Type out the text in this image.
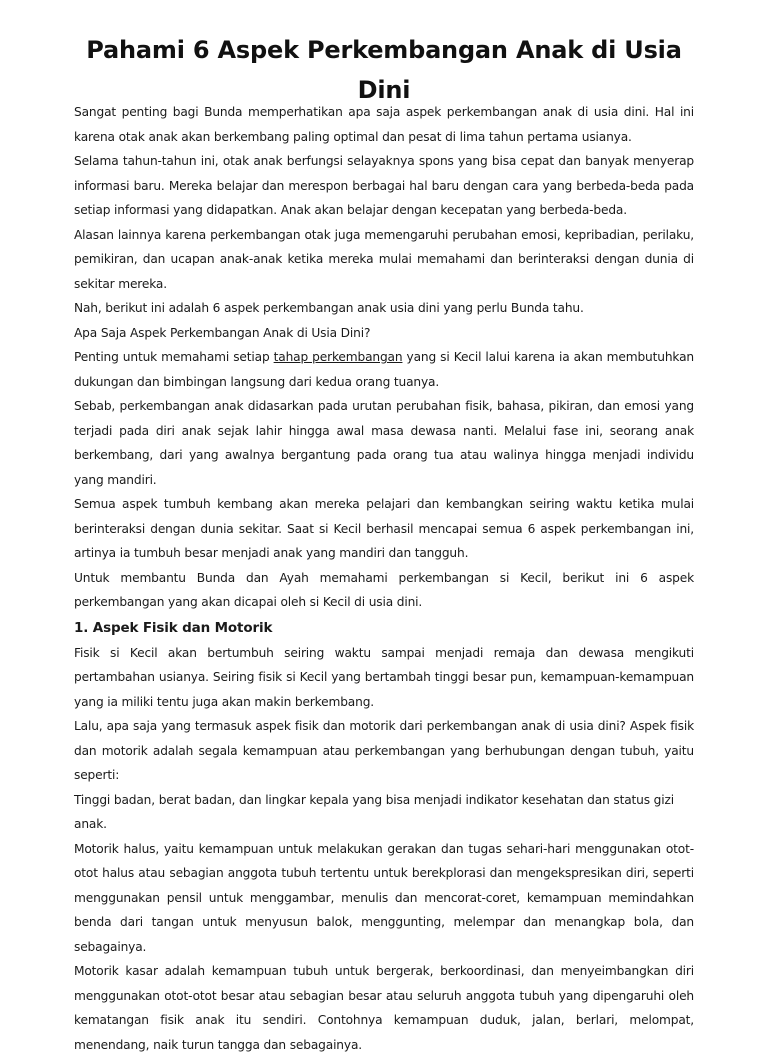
Pahami 6 Aspek Perkembangan Anak di Usia Dini

Sangat penting bagi Bunda memperhatikan apa saja aspek perkembangan anak di usia dini. Hal ini karena otak anak akan berkembang paling optimal dan pesat di lima tahun pertama usianya.

Selama tahun-tahun ini, otak anak berfungsi selayaknya spons yang bisa cepat dan banyak menyerap informasi baru. Mereka belajar dan merespon berbagai hal baru dengan cara yang berbeda-beda pada setiap informasi yang didapatkan. Anak akan belajar dengan kecepatan yang berbeda-beda.

Alasan lainnya karena perkembangan otak juga memengaruhi perubahan emosi, kepribadian, perilaku, pemikiran, dan ucapan anak-anak ketika mereka mulai memahami dan berinteraksi dengan dunia di sekitar mereka.

Nah, berikut ini adalah 6 aspek perkembangan anak usia dini yang perlu Bunda tahu.

Apa Saja Aspek Perkembangan Anak di Usia Dini?

Penting untuk memahami setiap tahap perkembangan yang si Kecil lalui karena ia akan membutuhkan dukungan dan bimbingan langsung dari kedua orang tuanya.

Sebab, perkembangan anak didasarkan pada urutan perubahan fisik, bahasa, pikiran, dan emosi yang terjadi pada diri anak sejak lahir hingga awal masa dewasa nanti. Melalui fase ini, seorang anak berkembang, dari yang awalnya bergantung pada orang tua atau walinya hingga menjadi individu yang mandiri.

Semua aspek tumbuh kembang akan mereka pelajari dan kembangkan seiring waktu ketika mulai berinteraksi dengan dunia sekitar. Saat si Kecil berhasil mencapai semua 6 aspek perkembangan ini, artinya ia tumbuh besar menjadi anak yang mandiri dan tangguh.

Untuk membantu Bunda dan Ayah memahami perkembangan si Kecil, berikut ini 6 aspek perkembangan yang akan dicapai oleh si Kecil di usia dini.

1. Aspek Fisik dan Motorik

Fisik si Kecil akan bertumbuh seiring waktu sampai menjadi remaja dan dewasa mengikuti pertambahan usianya. Seiring fisik si Kecil yang bertambah tinggi besar pun, kemampuan-kemampuan yang ia miliki tentu juga akan makin berkembang.

Lalu, apa saja yang termasuk aspek fisik dan motorik dari perkembangan anak di usia dini? Aspek fisik dan motorik adalah segala kemampuan atau perkembangan yang berhubungan dengan tubuh, yaitu seperti:

Tinggi badan, berat badan, dan lingkar kepala yang bisa menjadi indikator kesehatan dan status gizi anak.

Motorik halus, yaitu kemampuan untuk melakukan gerakan dan tugas sehari-hari menggunakan otot-otot halus atau sebagian anggota tubuh tertentu untuk berekplorasi dan mengekspresikan diri, seperti menggunakan pensil untuk menggambar, menulis dan mencorat-coret, kemampuan memindahkan benda dari tangan untuk menyusun balok, menggunting, melempar dan menangkap bola, dan sebagainya.

Motorik kasar adalah kemampuan tubuh untuk bergerak, berkoordinasi, dan menyeimbangkan diri menggunakan otot-otot besar atau sebagian besar atau seluruh anggota tubuh yang dipengaruhi oleh kematangan fisik anak itu sendiri. Contohnya kemampuan duduk, jalan, berlari, melompat, menendang, naik turun tangga dan sebagainya.
